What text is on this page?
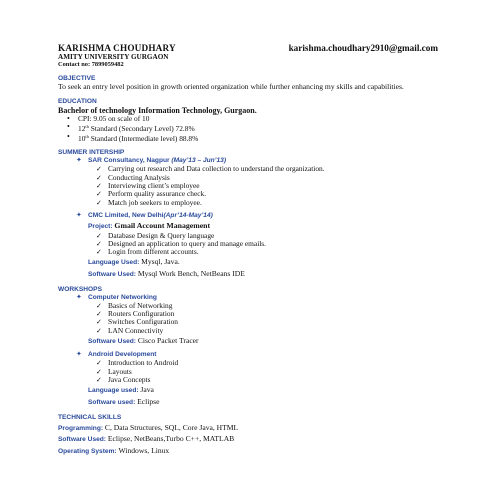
KARISHMA CHOUDHARY	karishma.choudhary2910@gmail.com
AMITY UNIVERSITY GURGAON
Contact no: 7899059482
OBJECTIVE
To seek an entry level position in growth oriented organization while further enhancing my skills and capabilities.
EDUCATION
Bachelor of technology Information Technology, Gurgaon.
• CPI: 9.05 on scale of 10
• 12th Standard (Secondary Level) 72.8%
• 10th Standard (Intermediate level) 88.8%
SUMMER INTERSHIP
✦ SAR Consultancy, Nagpur (May’13 – Jun’13)
✓ Carrying out research and Data collection to understand the organization.
✓ Conducting Analysis
✓ Interviewing client’s employee
✓ Perform quality assurance check.
✓ Match job seekers to employee.
✦ CMC Limited, New Delhi(Apr’14-May’14)
Project: Gmail Account Management
✓ Database Design & Query language
✓ Designed an application to query and manage emails.
✓ Login from different accounts.
Language Used: Mysql, Java.
Software Used: Mysql Work Bench, NetBeans IDE
WORKSHOPS
✦ Computer Networking
✓ Basics of Networking
✓ Routers Configuration
✓ Switches Configuration
✓ LAN Connectivity
Software Used: Cisco Packet Tracer
✦ Android Development
✓ Introduction to Android
✓ Layouts
✓ Java Concepts
Language used: Java
Software used: Eclipse
TECHNICAL SKILLS
Programming: C, Data Structures, SQL, Core Java, HTML
Software Used: Eclipse, NetBeans,Turbo C++, MATLAB
Operating System: Windows, Linux
